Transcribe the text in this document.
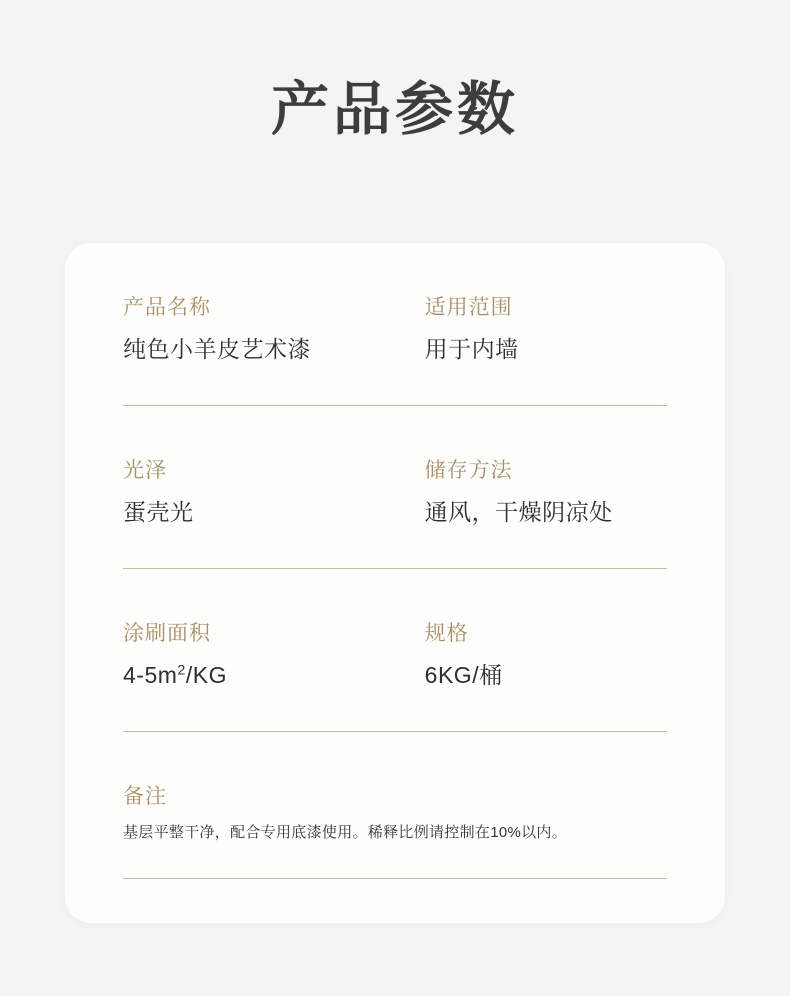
产品参数
产品名称
纯色小羊皮艺术漆
适用范围
用于内墙
光泽
蛋壳光
储存方法
通风，干燥阴凉处
涂刷面积
$4-5m^2/KG$
规格
6KG/桶
备注
基层平整干净，配合专用底漆使用。稀释比例请控制在10%以内。
